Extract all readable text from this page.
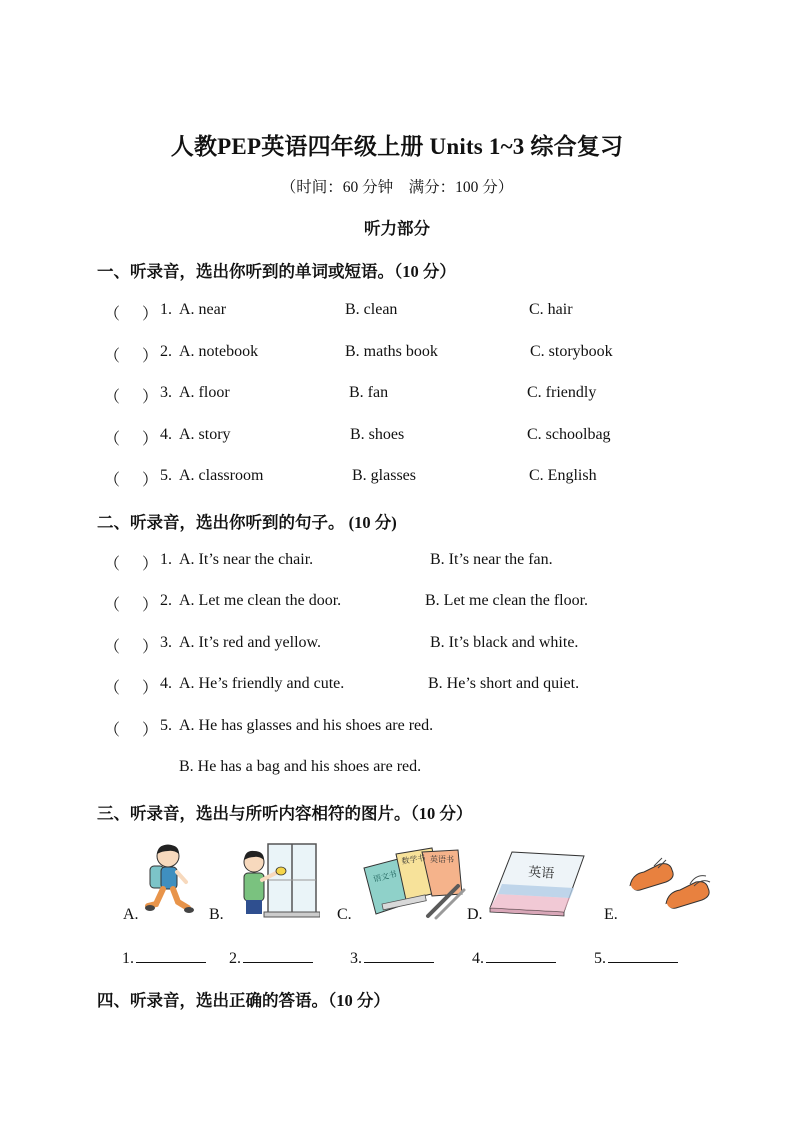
人教PEP英语四年级上册 Units 1~3 综合复习
（时间：60 分钟　满分：100 分）
听力部分
一、听录音，选出你听到的单词或短语。（10 分）
（ ） 1. A. near	B. clean	C. hair
（ ） 2. A. notebook	B. maths book	C. storybook
（ ） 3. A. floor	B. fan	C. friendly
（ ） 4. A. story	B. shoes	C. schoolbag
（ ） 5. A. classroom	B. glasses	C. English
二、听录音，选出你听到的句子。 (10 分)
（ ） 1. A. It’s near the chair.	B. It’s near the fan.
（ ） 2. A. Let me clean the door.	B. Let me clean the floor.
（ ） 3. A. It’s red and yellow.	B. It’s black and white.
（ ） 4. A. He’s friendly and cute.	B. He’s short and quiet.
（ ） 5. A. He has glasses and his shoes are red.
B. He has a bag and his shoes are red.
三、听录音，选出与所听内容相符的图片。（10 分）
A.	B.	C.
语文书
数学书 英语书
D.
英语
E.
1.	2.	3.	4.	5.
四、听录音，选出正确的答语。（10 分）
